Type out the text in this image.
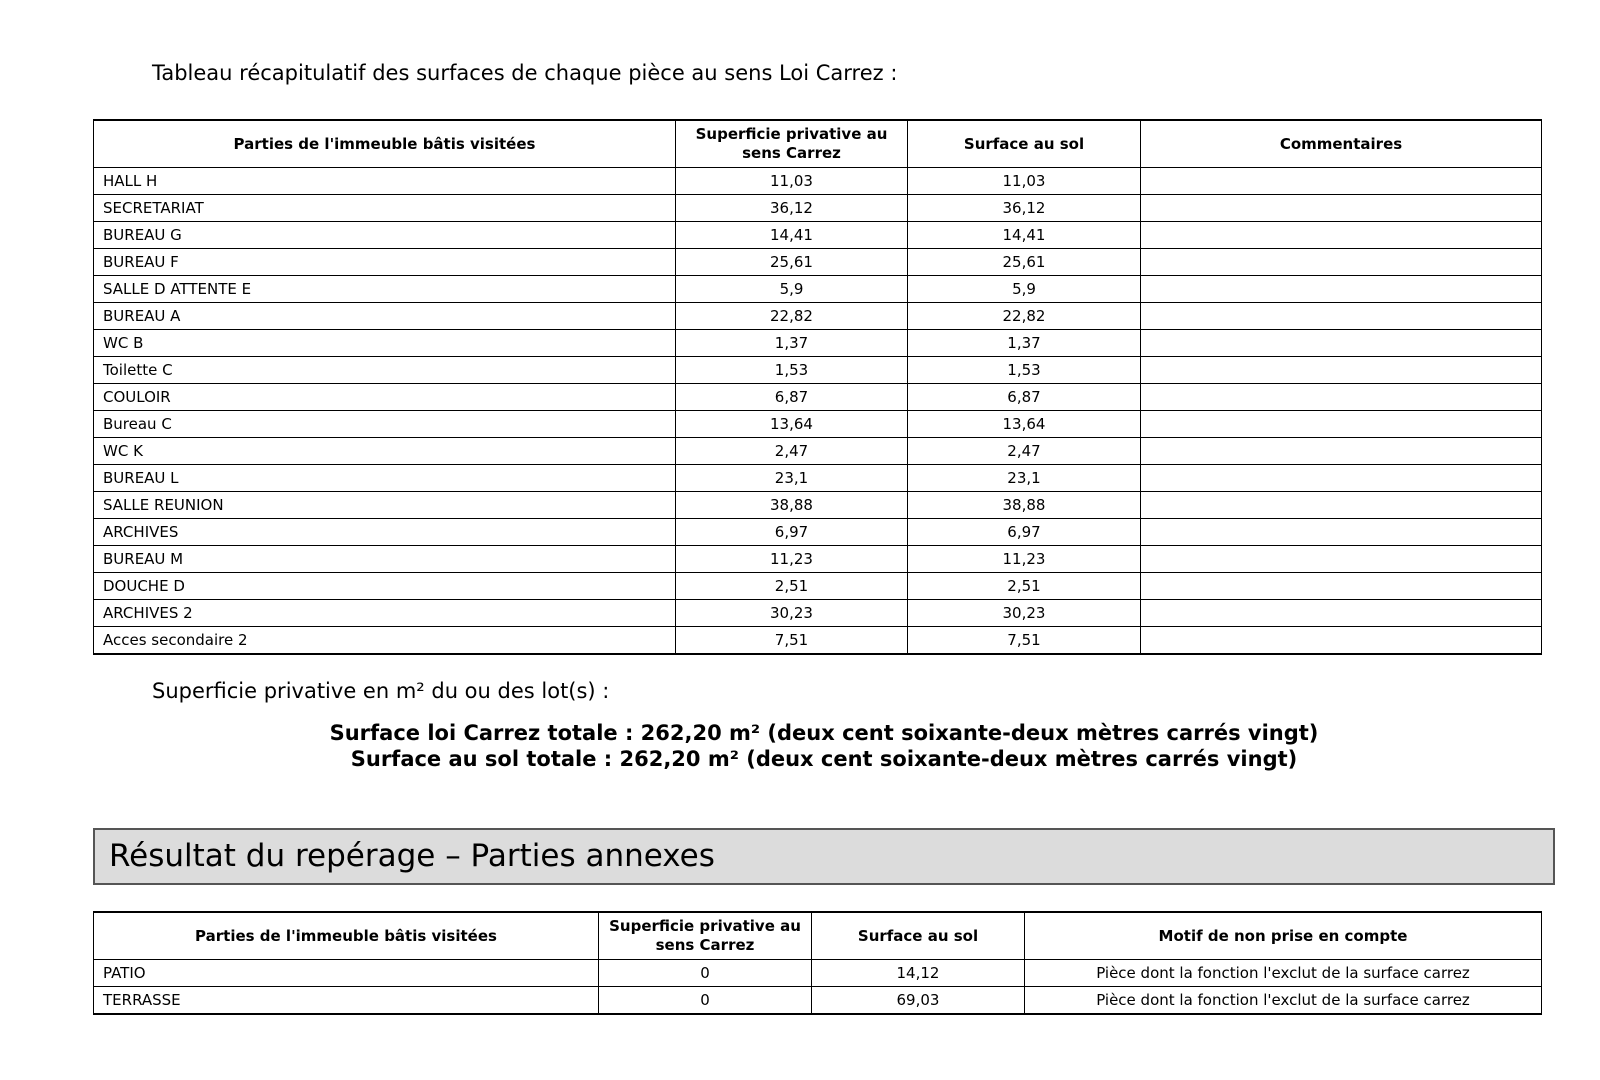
Tableau récapitulatif des surfaces de chaque pièce au sens Loi Carrez :
Parties de l'immeuble bâtis visitées	Superficie privative au sens Carrez	Surface au sol	Commentaires
HALL H	11,03	11,03	
SECRETARIAT	36,12	36,12	
BUREAU G	14,41	14,41	
BUREAU F	25,61	25,61	
SALLE D ATTENTE E	5,9	5,9	
BUREAU A	22,82	22,82	
WC B	1,37	1,37	
Toilette C	1,53	1,53	
COULOIR	6,87	6,87	
Bureau C	13,64	13,64	
WC K	2,47	2,47	
BUREAU L	23,1	23,1	
SALLE REUNION	38,88	38,88	
ARCHIVES	6,97	6,97	
BUREAU M	11,23	11,23	
DOUCHE D	2,51	2,51	
ARCHIVES 2	30,23	30,23	
Acces secondaire 2	7,51	7,51	
Superficie privative en m² du ou des lot(s) :
Surface loi Carrez totale : 262,20 m² (deux cent soixante-deux mètres carrés vingt)
Surface au sol totale : 262,20 m² (deux cent soixante-deux mètres carrés vingt)
Résultat du repérage – Parties annexes
Parties de l'immeuble bâtis visitées	Superficie privative au sens Carrez	Surface au sol	Motif de non prise en compte
PATIO	0	14,12	Pièce dont la fonction l'exclut de la surface carrez
TERRASSE	0	69,03	Pièce dont la fonction l'exclut de la surface carrez
